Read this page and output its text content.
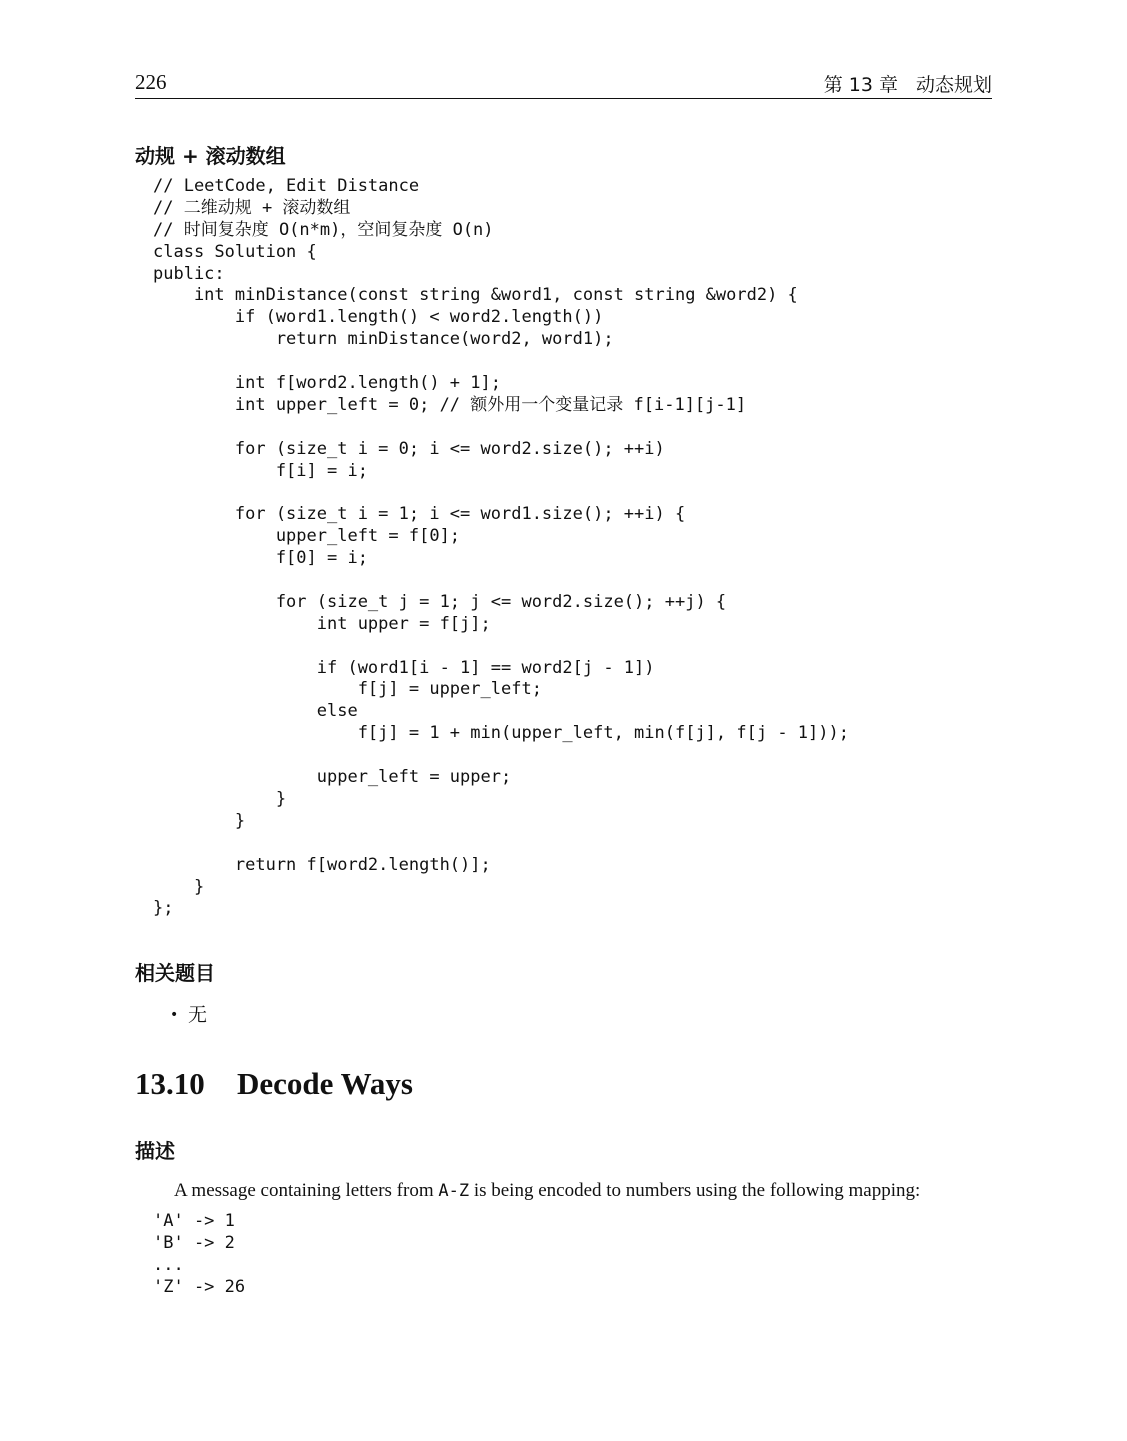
226	第 13 章 动态规划
动规 + 滚动数组
// LeetCode, Edit Distance
// 二维动规 + 滚动数组
// 时间复杂度 O(n*m)，空间复杂度 O(n)
class Solution {
public:
int minDistance(const string &word1, const string &word2) {
if (word1.length() < word2.length())
return minDistance(word2, word1);

int f[word2.length() + 1];
int upper_left = 0; // 额外用一个变量记录 f[i-1][j-1]

for (size_t i = 0; i <= word2.size(); ++i)
f[i] = i;

for (size_t i = 1; i <= word1.size(); ++i) {
upper_left = f[0];
f[0] = i;

for (size_t j = 1; j <= word2.size(); ++j) {
int upper = f[j];

if (word1[i - 1] == word2[j - 1])
f[j] = upper_left;
else
f[j] = 1 + min(upper_left, min(f[j], f[j - 1]));

upper_left = upper;
}
}

return f[word2.length()];
}
};
相关题目
• 无
13.10 Decode Ways
描述

A message containing letters from A-Z is being encoded to numbers using the following mapping:

'A' -> 1
'B' -> 2
...
'Z' -> 26
